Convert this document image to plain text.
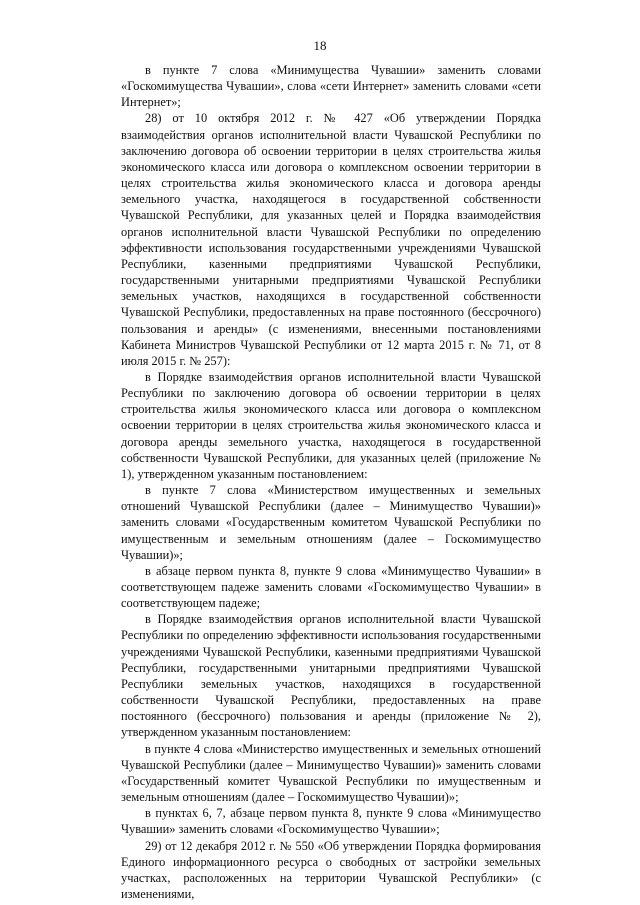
18

в пункте 7 слова «Минимущества Чувашии» заменить словами «Госкомимущества Чувашии», слова «сети Интернет» заменить словами «сети Интернет»;

28) от 10 октября 2012 г. № 427 «Об утверждении Порядка взаимодействия органов исполнительной власти Чувашской Республики по заключению договора об освоении территории в целях строительства жилья экономического класса или договора о комплексном освоении территории в целях строительства жилья экономического класса и договора аренды земельного участка, находящегося в государственной собственности Чувашской Республики, для указанных целей и Порядка взаимодействия органов исполнительной власти Чувашской Республики по определению эффективности использования государственными учреждениями Чувашской Республики, казенными предприятиями Чувашской Республики, государственными унитарными предприятиями Чувашской Республики земельных участков, находящихся в государственной собственности Чувашской Республики, предоставленных на праве постоянного (бессрочного) пользования и аренды» (с изменениями, внесенными постановлениями Кабинета Министров Чувашской Республики от 12 марта 2015 г. № 71, от 8 июля 2015 г. № 257):

в Порядке взаимодействия органов исполнительной власти Чувашской Республики по заключению договора об освоении территории в целях строительства жилья экономического класса или договора о комплексном освоении территории в целях строительства жилья экономического класса и договора аренды земельного участка, находящегося в государственной собственности Чувашской Республики, для указанных целей (приложение № 1), утвержденном указанным постановлением:

в пункте 7 слова «Министерством имущественных и земельных отношений Чувашской Республики (далее – Минимущество Чувашии)» заменить словами «Государственным комитетом Чувашской Республики по имущественным и земельным отношениям (далее – Госкомимущество Чувашии)»;

в абзаце первом пункта 8, пункте 9 слова «Минимущество Чувашии» в соответствующем падеже заменить словами «Госкомимущество Чувашии» в соответствующем падеже;

в Порядке взаимодействия органов исполнительной власти Чувашской Республики по определению эффективности использования государственными учреждениями Чувашской Республики, казенными предприятиями Чувашской Республики, государственными унитарными предприятиями Чувашской Республики земельных участков, находящихся в государственной собственности Чувашской Республики, предоставленных на праве постоянного (бессрочного) пользования и аренды (приложение № 2), утвержденном указанным постановлением:

в пункте 4 слова «Министерство имущественных и земельных отношений Чувашской Республики (далее – Минимущество Чувашии)» заменить словами «Государственный комитет Чувашской Республики по имущественным и земельным отношениям (далее – Госкомимущество Чувашии)»;

в пунктах 6, 7, абзаце первом пункта 8, пункте 9 слова «Минимущество Чувашии» заменить словами «Госкомимущество Чувашии»;

29) от 12 декабря 2012 г. № 550 «Об утверждении Порядка формирования Единого информационного ресурса о свободных от застройки земельных участках, расположенных на территории Чувашской Республики» (с изменениями,
